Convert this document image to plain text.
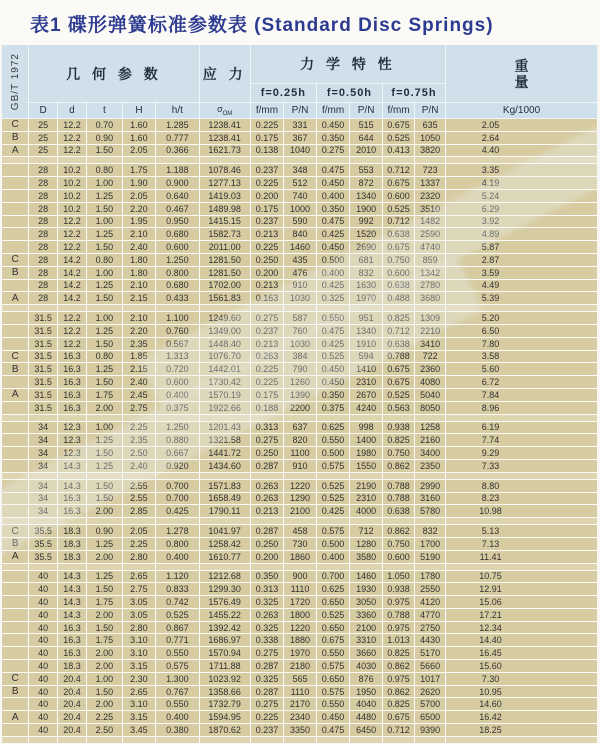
表1 碟形弹簧标准参数表 (Standard Disc Springs)
GB/T 1972	几 何 参 数					应 力	力 学 特 性						重
量

							f=0.25h		f=0.50h		f=0.75h		
	D	d	t	H	h/t	$\sigma_{OM}$	f/mm	P/N	f/mm	P/N	f/mm	P/N	Kg/1000
C	25	12.2	0.70	1.60	1.285	1238.41	0.225	331	0.450	515	0.675	635	2.05
B	25	12.2	0.90	1.60	0.777	1238.41	0.175	367	0.350	644	0.525	1050	2.64
A	25	12.2	1.50	2.05	0.366	1621.73	0.138	1040	0.275	2010	0.413	3820	4.40

	28	10.2	0.80	1.75	1.188	1078.46	0.237	348	0.475	553	0.712	723	3.35
	28	10.2	1.00	1.90	0.900	1277.13	0.225	512	0.450	872	0.675	1337	4.19
	28	10.2	1.25	2.05	0.640	1419.03	0.200	740	0.400	1340	0.600	2320	5.24
	28	10.2	1.50	2.20	0.467	1489.98	0.175	1000	0.350	1900	0.525	3510	6.29
	28	12.2	1.00	1.95	0.950	1415.15	0.237	590	0.475	992	0.712	1482	3.92
	28	12.2	1.25	2.10	0.680	1582.73	0.213	840	0.425	1520	0.638	2590	4.89
	28	12.2	1.50	2.40	0.600	2011.00	0.225	1460	0.450	2690	0.675	4740	5.87
C	28	14.2	0.80	1.80	1.250	1281.50	0.250	435	0.500	681	0.750	859	2.87
B	28	14.2	1.00	1.80	0.800	1281.50	0.200	476	0.400	832	0.600	1342	3.59
	28	14.2	1.25	2.10	0.680	1702.00	0.213	910	0.425	1630	0.638	2780	4.49
A	28	14.2	1.50	2.15	0.433	1561.83	0.163	1030	0.325	1970	0.488	3680	5.39

	31.5	12.2	1.00	2.10	1.100	1249.60	0.275	587	0.550	951	0.825	1309	5.20
	31.5	12.2	1.25	2.20	0.760	1349.00	0.237	760	0.475	1340	0.712	2210	6.50
	31.5	12.2	1.50	2.35	0.567	1448.40	0.213	1030	0.425	1910	0.638	3410	7.80
C	31.5	16.3	0.80	1.85	1.313	1076.70	0.263	384	0.525	594	0.788	722	3.58
B	31.5	16.3	1.25	2.15	0.720	1442.01	0.225	790	0.450	1410	0.675	2360	5.60
	31.5	16.3	1.50	2.40	0.600	1730.42	0.225	1260	0.450	2310	0.675	4080	6.72
A	31.5	16.3	1.75	2.45	0.400	1570.19	0.175	1390	0.350	2670	0.525	5040	7.84
	31.5	16.3	2.00	2.75	0.375	1922.66	0.188	2200	0.375	4240	0.563	8050	8.96

	34	12.3	1.00	2.25	1.250	1201.43	0.313	637	0.625	998	0.938	1258	6.19
	34	12.3	1.25	2.35	0.880	1321.58	0.275	820	0.550	1400	0.825	2160	7.74
	34	12.3	1.50	2.50	0.667	1441.72	0.250	1100	0.500	1980	0.750	3400	9.29
	34	14.3	1.25	2.40	0.920	1434.60	0.287	910	0.575	1550	0.862	2350	7.33

	34	14.3	1.50	2.55	0.700	1571.83	0.263	1220	0.525	2190	0.788	2990	8.80
	34	16.3	1.50	2.55	0.700	1658.49	0.263	1290	0.525	2310	0.788	3160	8.23
	34	16.3	2.00	2.85	0.425	1790.11	0.213	2100	0.425	4000	0.638	5780	10.98

C	35.5	18.3	0.90	2.05	1.278	1041.97	0.287	458	0.575	712	0.862	832	5.13
B	35.5	18.3	1.25	2.25	0.800	1258.42	0.250	730	0.500	1280	0.750	1700	7.13
A	35.5	18.3	2.00	2.80	0.400	1610.77	0.200	1860	0.400	3580	0.600	5190	11.41

	40	14.3	1.25	2.65	1.120	1212.68	0.350	900	0.700	1460	1.050	1780	10.75
	40	14.3	1.50	2.75	0.833	1299.30	0.313	1110	0.625	1930	0.938	2550	12.91
	40	14.3	1.75	3.05	0.742	1576.49	0.325	1720	0.650	3050	0.975	4120	15.06
	40	14.3	2.00	3.05	0.525	1455.22	0.263	1800	0.525	3360	0.788	4770	17.21
	40	16.3	1.50	2.80	0.867	1392.42	0.325	1220	0.650	2100	0.975	2750	12.34
	40	16.3	1.75	3.10	0.771	1686.97	0.338	1880	0.675	3310	1.013	4430	14.40
	40	16.3	2.00	3.10	0.550	1570.94	0.275	1970	0.550	3660	0.825	5170	16.45
	40	18.3	2.00	3.15	0.575	1711.88	0.287	2180	0.575	4030	0.862	5660	15.60
C	40	20.4	1.00	2.30	1.300	1023.92	0.325	565	0.650	876	0.975	1017	7.30
B	40	20.4	1.50	2.65	0.767	1358.66	0.287	1110	0.575	1950	0.862	2620	10.95
	40	20.4	2.00	3.10	0.550	1732.79	0.275	2170	0.550	4040	0.825	5700	14.60
A	40	20.4	2.25	3.15	0.400	1594.95	0.225	2340	0.450	4480	0.675	6500	16.42
	40	20.4	2.50	3.45	0.380	1870.62	0.237	3350	0.475	6450	0.712	9390	18.25
